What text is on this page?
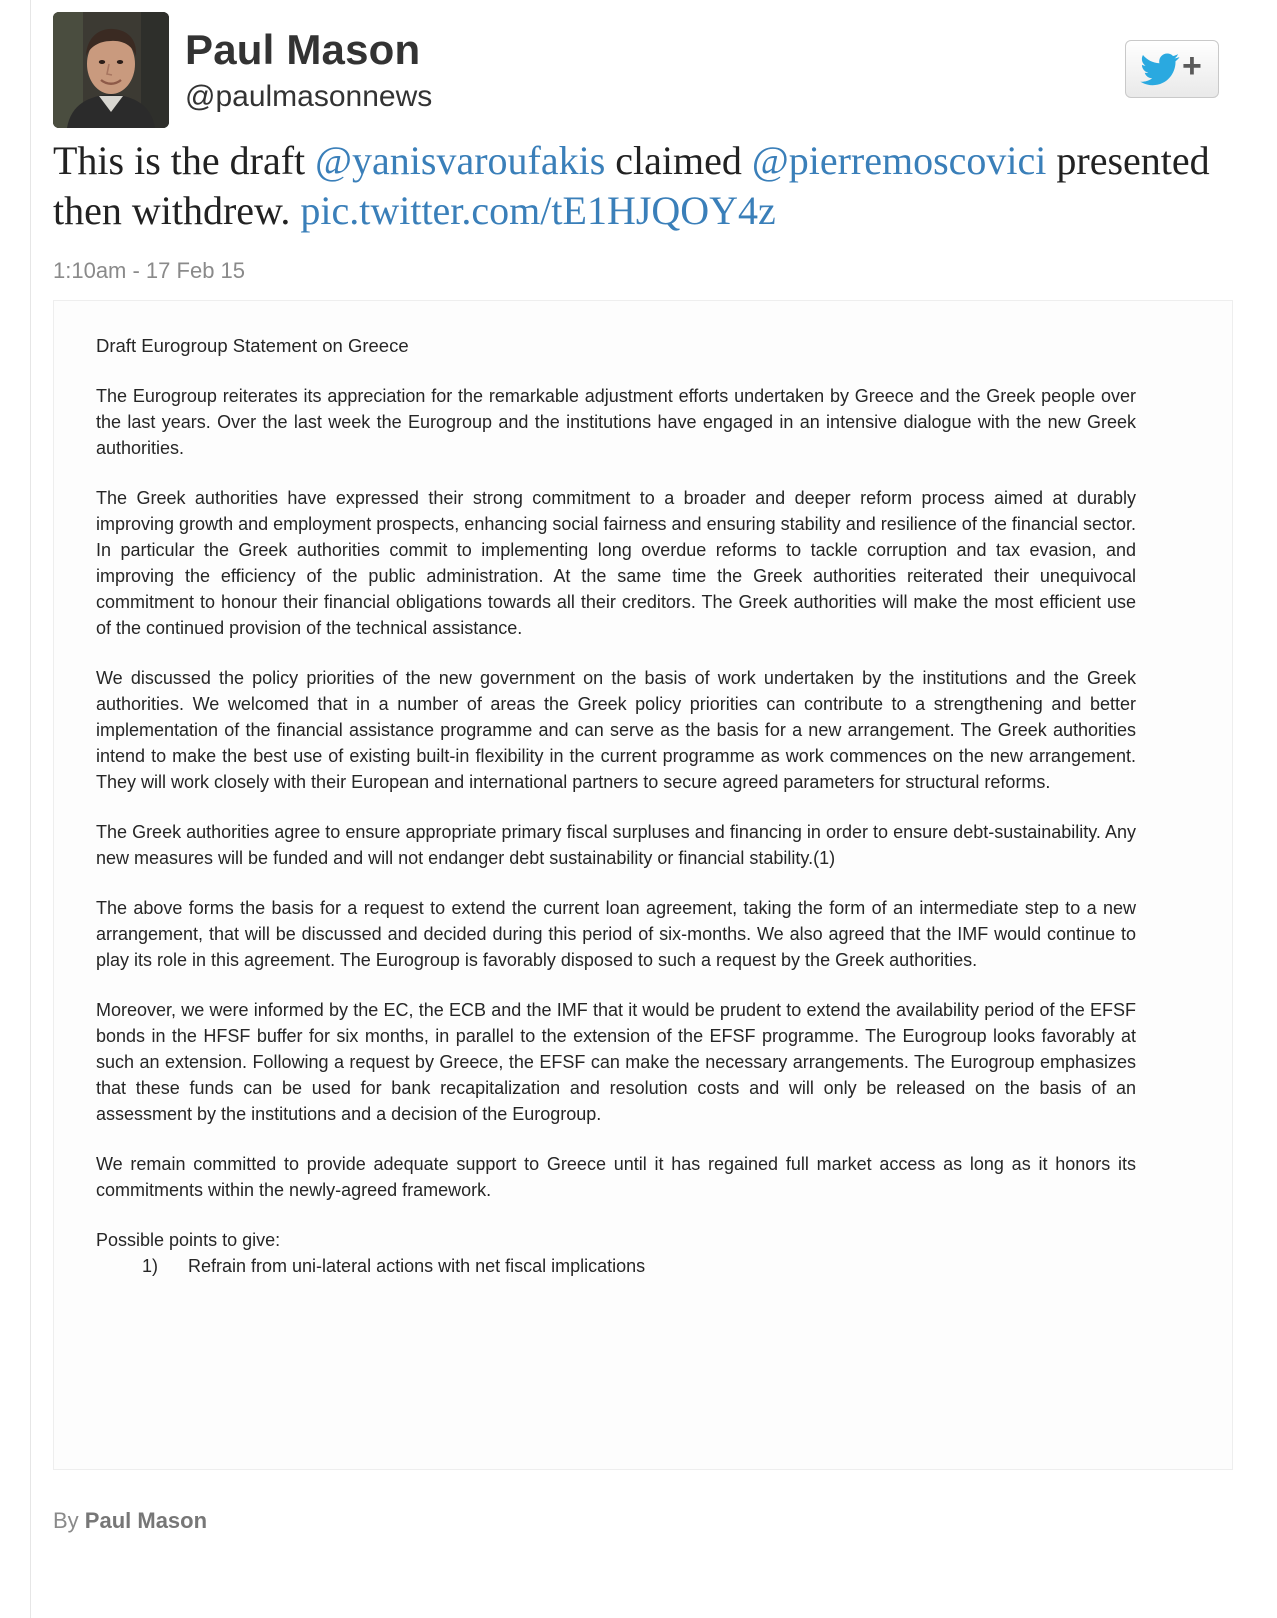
Paul Mason
@paulmasonnews
+

This is the draft @yanisvaroufakis claimed @pierremoscovici presented then withdrew. pic.twitter.com/tE1HJQOY4z

1:10am - 17 Feb 15

Draft Eurogroup Statement on Greece

The Eurogroup reiterates its appreciation for the remarkable adjustment efforts undertaken by Greece and the Greek people over the last years. Over the last week the Eurogroup and the institutions have engaged in an intensive dialogue with the new Greek authorities.

The Greek authorities have expressed their strong commitment to a broader and deeper reform process aimed at durably improving growth and employment prospects, enhancing social fairness and ensuring stability and resilience of the financial sector. In particular the Greek authorities commit to implementing long overdue reforms to tackle corruption and tax evasion, and improving the efficiency of the public administration. At the same time the Greek authorities reiterated their unequivocal commitment to honour their financial obligations towards all their creditors. The Greek authorities will make the most efficient use of the continued provision of the technical assistance.

We discussed the policy priorities of the new government on the basis of work undertaken by the institutions and the Greek authorities. We welcomed that in a number of areas the Greek policy priorities can contribute to a strengthening and better implementation of the financial assistance programme and can serve as the basis for a new arrangement. The Greek authorities intend to make the best use of existing built-in flexibility in the current programme as work commences on the new arrangement. They will work closely with their European and international partners to secure agreed parameters for structural reforms.

The Greek authorities agree to ensure appropriate primary fiscal surpluses and financing in order to ensure debt-sustainability. Any new measures will be funded and will not endanger debt sustainability or financial stability.(1)

The above forms the basis for a request to extend the current loan agreement, taking the form of an intermediate step to a new arrangement, that will be discussed and decided during this period of six-months. We also agreed that the IMF would continue to play its role in this agreement. The Eurogroup is favorably disposed to such a request by the Greek authorities.

Moreover, we were informed by the EC, the ECB and the IMF that it would be prudent to extend the availability period of the EFSF bonds in the HFSF buffer for six months, in parallel to the extension of the EFSF programme. The Eurogroup looks favorably at such an extension. Following a request by Greece, the EFSF can make the necessary arrangements. The Eurogroup emphasizes that these funds can be used for bank recapitalization and resolution costs and will only be released on the basis of an assessment by the institutions and a decision of the Eurogroup.

We remain committed to provide adequate support to Greece until it has regained full market access as long as it honors its commitments within the newly-agreed framework.

Possible points to give:
1)	Refrain from uni-lateral actions with net fiscal implications
By Paul Mason
